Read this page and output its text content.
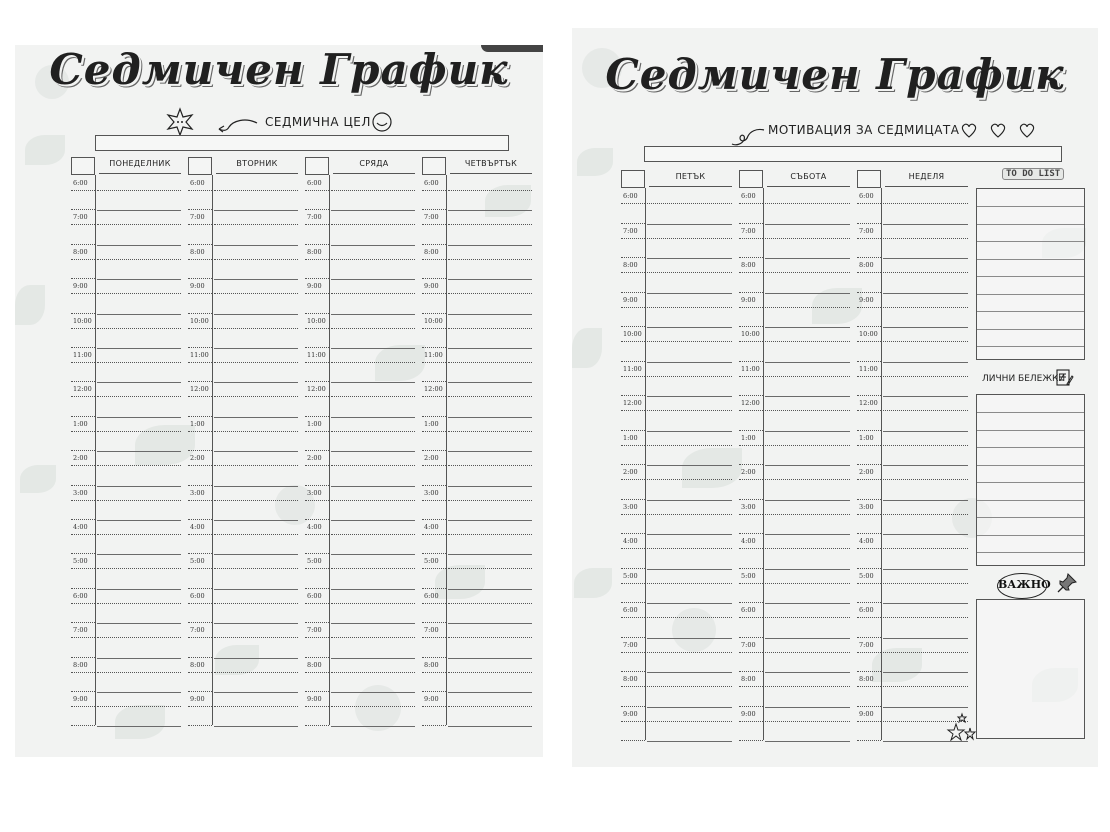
Седмичен График
СЕДМИЧНА ЦЕЛ
ПОНЕДЕЛНИК
6:00
7:00
8:00
9:00
10:00
11:00
12:00
1:00
2:00
3:00
4:00
5:00
6:00
7:00
8:00
9:00
ВТОРНИК
6:00
7:00
8:00
9:00
10:00
11:00
12:00
1:00
2:00
3:00
4:00
5:00
6:00
7:00
8:00
9:00
СРЯДА
6:00
7:00
8:00
9:00
10:00
11:00
12:00
1:00
2:00
3:00
4:00
5:00
6:00
7:00
8:00
9:00
ЧЕТВЪРТЪК
6:00
7:00
8:00
9:00
10:00
11:00
12:00
1:00
2:00
3:00
4:00
5:00
6:00
7:00
8:00
9:00
Седмичен График
МОТИВАЦИЯ ЗА СЕДМИЦАТА
TO DO LIST
ЛИЧНИ БЕЛЕЖКИ
ВАЖНО
ПЕТЪК
6:00
7:00
8:00
9:00
10:00
11:00
12:00
1:00
2:00
3:00
4:00
5:00
6:00
7:00
8:00
9:00
СЪБОТА
6:00
7:00
8:00
9:00
10:00
11:00
12:00
1:00
2:00
3:00
4:00
5:00
6:00
7:00
8:00
9:00
НЕДЕЛЯ
6:00
7:00
8:00
9:00
10:00
11:00
12:00
1:00
2:00
3:00
4:00
5:00
6:00
7:00
8:00
9:00
